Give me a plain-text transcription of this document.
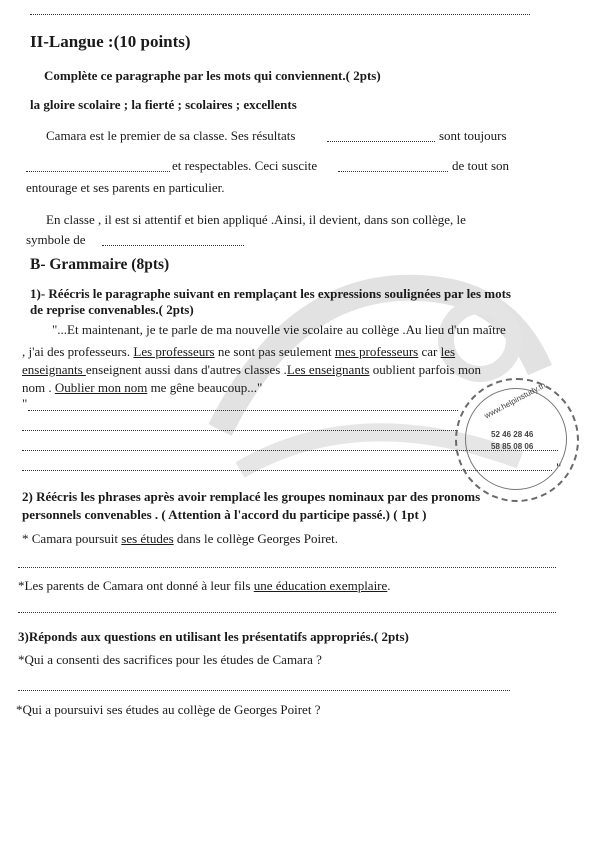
II-Langue :(10 points)
Complète ce paragraphe par les mots qui conviennent.( 2pts)
la gloire scolaire ; la fierté ; scolaires ; excellents
Camara est le premier de sa classe. Ses résultats	sont toujours
et respectables. Ceci suscite	de tout son
entourage et ses parents en particulier.
En classe , il est si attentif et bien appliqué .Ainsi, il devient, dans son collège, le
symbole de
B- Grammaire (8pts)
1)- Réécris le paragraphe suivant en remplaçant les expressions soulignées par les mots
de reprise convenables.( 2pts)
"...Et maintenant, je te parle de ma nouvelle vie scolaire au collège .Au lieu d'un maître
, j'ai des professeurs. Les professeurs ne sont pas seulement mes professeurs car les
enseignants enseignent aussi dans d'autres classes .Les enseignants oublient parfois mon
nom . Oublier mon nom me gêne beaucoup..."
"
"
www.helpinstudy.tn
52 46 28 46
58 85 08 06
2) Réécris les phrases après avoir remplacé les groupes nominaux par des pronoms
personnels convenables . ( Attention à l'accord du participe passé.) ( 1pt )
* Camara poursuit ses études dans le collège Georges Poiret.
*Les parents de Camara ont donné à leur fils une éducation exemplaire.
3)Réponds aux questions en utilisant les présentatifs appropriés.( 2pts)
*Qui a consenti des sacrifices pour les études de Camara ?
*Qui a poursuivi ses études au collège de Georges Poiret ?
